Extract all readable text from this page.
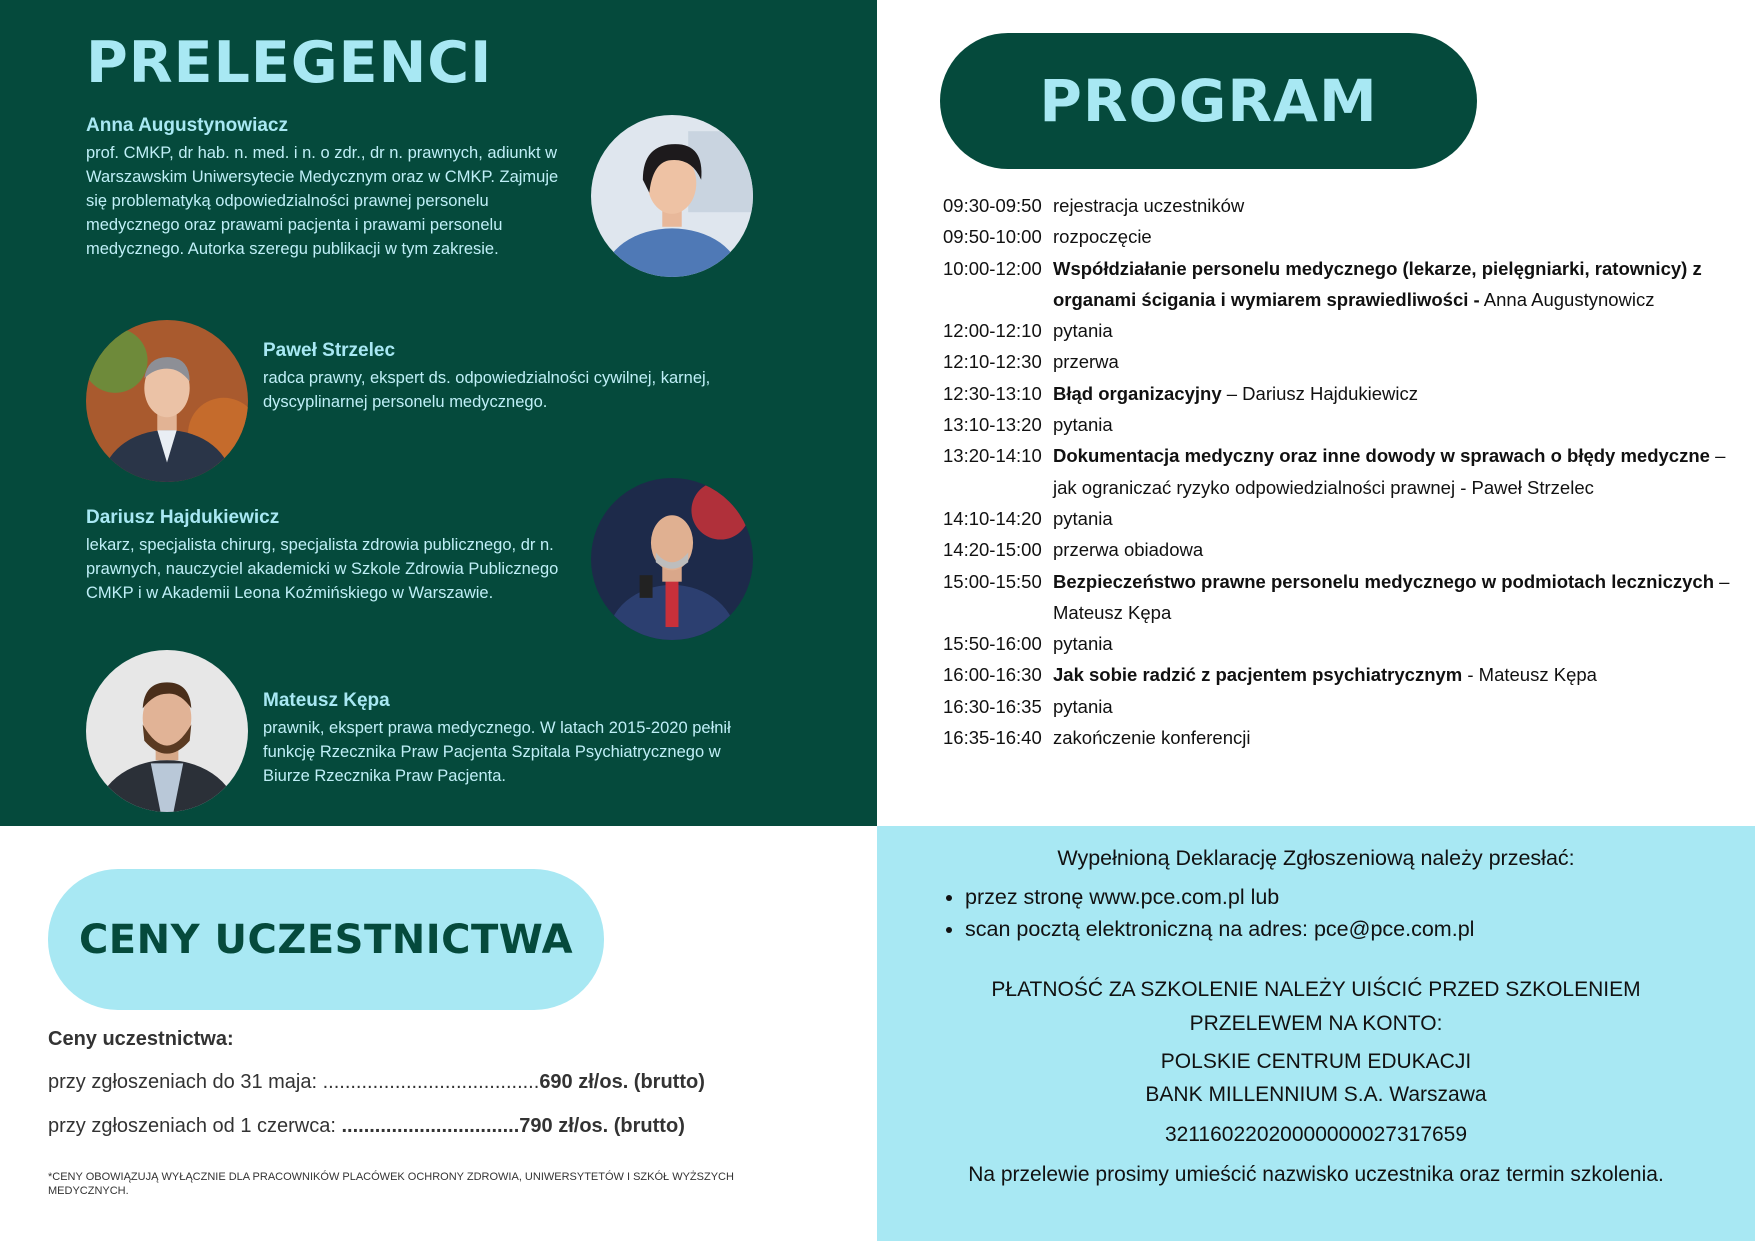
PRELEGENCI

Anna Augustynowiacz

prof. CMKP, dr hab. n. med. i n. o zdr., dr n. prawnych, adiunkt w Warszawskim Uniwersytecie Medycznym oraz w CMKP. Zajmuje się problematyką odpowiedzialności prawnej personelu medycznego oraz prawami pacjenta i prawami personelu medycznego. Autorka szeregu publikacji w tym zakresie.

Paweł Strzelec

radca prawny, ekspert ds. odpowiedzialności cywilnej, karnej, dyscyplinarnej personelu medycznego.

Dariusz Hajdukiewicz

lekarz, specjalista chirurg, specjalista zdrowia publicznego, dr n. prawnych, nauczyciel akademicki w Szkole Zdrowia Publicznego CMKP i w Akademii Leona Koźmińskiego w Warszawie.

Mateusz Kępa

prawnik, ekspert prawa medycznego. W latach 2015-2020 pełnił funkcję Rzecznika Praw Pacjenta Szpitala Psychiatrycznego w Biurze Rzecznika Praw Pacjenta.

PROGRAM
09:30-09:50 rejestracja uczestników
09:50-10:00 rozpoczęcie
10:00-12:00 Współdziałanie personelu medycznego (lekarze, pielęgniarki, ratownicy) z organami ścigania i wymiarem sprawiedliwości - Anna Augustynowicz
12:00-12:10 pytania
12:10-12:30 przerwa
12:30-13:10 Błąd organizacyjny – Dariusz Hajdukiewicz
13:10-13:20 pytania
13:20-14:10 Dokumentacja medyczny oraz inne dowody w sprawach o błędy medyczne – jak ograniczać ryzyko odpowiedzialności prawnej - Paweł Strzelec
14:10-14:20 pytania
14:20-15:00 przerwa obiadowa
15:00-15:50 Bezpieczeństwo prawne personelu medycznego w podmiotach leczniczych – Mateusz Kępa
15:50-16:00 pytania
16:00-16:30 Jak sobie radzić z pacjentem psychiatrycznym - Mateusz Kępa
16:30-16:35 pytania
16:35-16:40 zakończenie konferencji
CENY UCZESTNICTWA

Ceny uczestnictwa:

przy zgłoszeniach do 31 maja: .......................................690 zł/os. (brutto)

przy zgłoszeniach od 1 czerwca: ................................790 zł/os. (brutto)

*CENY OBOWIĄZUJĄ WYŁĄCZNIE DLA PRACOWNIKÓW PLACÓWEK OCHRONY ZDROWIA, UNIWERSYTETÓW I SZKÓŁ WYŻSZYCH MEDYCZNYCH.

Wypełnioną Deklarację Zgłoszeniową należy przesłać:

• przez stronę www.pce.com.pl lub
• scan pocztą elektroniczną na adres: pce@pce.com.pl

PŁATNOŚĆ ZA SZKOLENIE NALEŻY UIŚCIĆ PRZED SZKOLENIEM

PRZELEWEM NA KONTO:

POLSKIE CENTRUM EDUKACJI

BANK MILLENNIUM S.A. Warszawa

32116022020000000027317659

Na przelewie prosimy umieścić nazwisko uczestnika oraz termin szkolenia.
